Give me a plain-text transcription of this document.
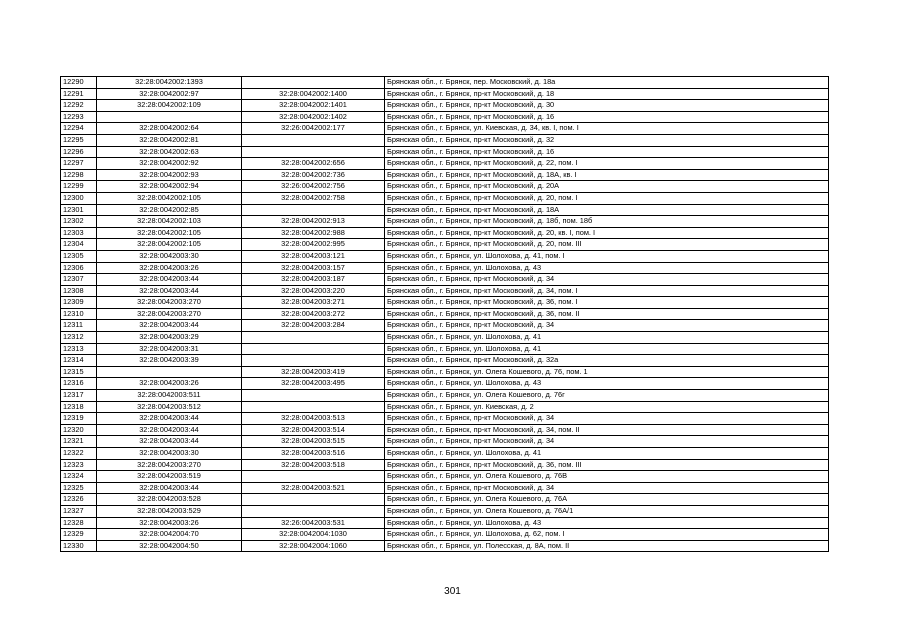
12290	32:28:0042002:1393		Брянская обл., г. Брянск, пер. Московский, д. 18а
12291	32:28:0042002:97	32:28:0042002:1400	Брянская обл., г. Брянск, пр-кт Московский, д. 18
12292	32:28:0042002:109	32:28:0042002:1401	Брянская обл., г. Брянск, пр-кт Московский, д. 30
12293		32:28:0042002:1402	Брянская обл., г. Брянск, пр-кт Московский, д. 16
12294	32:28:0042002:64	32:26:0042002:177	Брянская обл., г. Брянск, ул. Киевская, д. 34, кв. I, пом. I
12295	32:28:0042002:81		Брянская обл., г. Брянск, пр-кт Московский, д. 32
12296	32:28:0042002:63		Брянская обл., г. Брянск, пр-кт Московский, д. 16
12297	32:28:0042002:92	32:28:0042002:656	Брянская обл., г. Брянск, пр-кт Московский, д. 22, пом. I
12298	32:28:0042002:93	32:28:0042002:736	Брянская обл., г. Брянск, пр-кт Московский, д. 18А, кв. I
12299	32:28:0042002:94	32:26:0042002:756	Брянская обл., г. Брянск, пр-кт Московский, д. 20А
12300	32:28:0042002:105	32:28:0042002:758	Брянская обл., г. Брянск, пр-кт Московский, д. 20, пом. I
12301	32:28:0042002:85		Брянская обл., г. Брянск, пр-кт Московский, д. 18А
12302	32:28:0042002:103	32:28:0042002:913	Брянская обл., г. Брянск, пр-кт Московский, д. 18б, пом. 18б
12303	32:28:0042002:105	32:28:0042002:988	Брянская обл., г. Брянск, пр-кт Московский, д. 20, кв. I, пом. I
12304	32:28:0042002:105	32:28:0042002:995	Брянская обл., г. Брянск, пр-кт Московский, д. 20, пом. III
12305	32:28:0042003:30	32:28:0042003:121	Брянская обл., г. Брянск, ул. Шолохова, д. 41, пом. I
12306	32:28:0042003:26	32:28:0042003:157	Брянская обл., г. Брянск, ул. Шолохова, д. 43
12307	32:28:0042003:44	32:28:0042003:187	Брянская обл., г. Брянск, пр-кт Московский, д. 34
12308	32:28:0042003:44	32:28:0042003:220	Брянская обл., г. Брянск, пр-кт Московский, д. 34, пом. I
12309	32:28:0042003:270	32:28:0042003:271	Брянская обл., г. Брянск, пр-кт Московский, д. 36, пом. I
12310	32:28:0042003:270	32:28:0042003:272	Брянская обл., г. Брянск, пр-кт Московский, д. 36, пом. II
12311	32:28:0042003:44	32:28:0042003:284	Брянская обл., г. Брянск, пр-кт Московский, д. 34
12312	32:28:0042003:29		Брянская обл., г. Брянск, ул. Шолохова, д. 41
12313	32:28:0042003:31		Брянская обл., г. Брянск, ул. Шолохова, д. 41
12314	32:28:0042003:39		Брянская обл., г. Брянск, пр-кт Московский, д. 32а
12315		32:28:0042003:419	Брянская обл., г. Брянск, ул. Олега Кошевого, д. 76, пом. 1
12316	32:28:0042003:26	32:28:0042003:495	Брянская обл., г. Брянск, ул. Шолохова, д. 43
12317	32:28:0042003:511		Брянская обл., г. Брянск, ул. Олега Кошевого, д. 76г
12318	32:28:0042003:512		Брянская обл., г. Брянск, ул. Киевская, д. 2
12319	32:28:0042003:44	32:28:0042003:513	Брянская обл., г. Брянск, пр-кт Московский, д. 34
12320	32:28:0042003:44	32:28:0042003:514	Брянская обл., г. Брянск, пр-кт Московский, д. 34, пом. II
12321	32:28:0042003:44	32:28:0042003:515	Брянская обл., г. Брянск, пр-кт Московский, д. 34
12322	32:28:0042003:30	32:28:0042003:516	Брянская обл., г. Брянск, ул. Шолохова, д. 41
12323	32:28:0042003:270	32:28:0042003:518	Брянская обл., г. Брянск, пр-кт Московский, д. 36, пом. III
12324	32:28:0042003:519		Брянская обл., г. Брянск, ул. Олега Кошевого, д. 76В
12325	32:28:0042003:44	32:28:0042003:521	Брянская обл., г. Брянск, пр-кт Московский, д. 34
12326	32:28:0042003:528		Брянская обл., г. Брянск, ул. Олега Кошевого, д. 76А
12327	32:28:0042003:529		Брянская обл., г. Брянск, ул. Олега Кошевого, д. 76А/1
12328	32:28:0042003:26	32:26:0042003:531	Брянская обл., г. Брянск, ул. Шолохова, д. 43
12329	32:28:0042004:70	32:28:0042004:1030	Брянская обл., г. Брянск, ул. Шолохова, д. 62, пом. I
12330	32:28:0042004:50	32:28:0042004:1060	Брянская обл., г. Брянск, ул. Полесская, д. 8А, пом. II
301
